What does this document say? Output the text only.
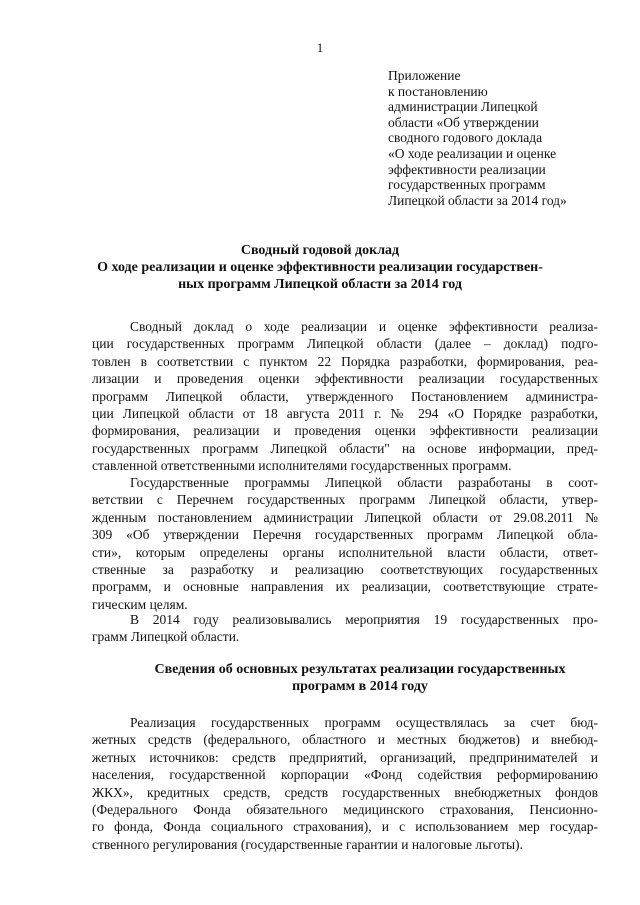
1
Приложение
к постановлению
администрации Липецкой
области «Об утверждении
сводного годового доклада
«О ходе реализации и оценке
эффективности реализации
государственных программ
Липецкой области за 2014 год»
Сводный годовой доклад
О ходе реализации и оценке эффективности реализации государствен-
ных программ Липецкой области за 2014 год
Сводный доклад о ходе реализации и оценке эффективности реализа-
ции государственных программ Липецкой области (далее – доклад) подго-
товлен в соответствии с пунктом 22 Порядка разработки, формирования, реа-
лизации и проведения оценки эффективности реализации государственных
программ Липецкой области, утвержденного Постановлением администра-
ции Липецкой области от 18 августа 2011 г. № 294 «О Порядке разработки,
формирования, реализации и проведения оценки эффективности реализации
государственных программ Липецкой области" на основе информации, пред-
ставленной ответственными исполнителями государственных программ.
Государственные программы Липецкой области разработаны в соот-
ветствии с Перечнем государственных программ Липецкой области, утвер-
жденным постановлением администрации Липецкой области от 29.08.2011 №
309 «Об утверждении Перечня государственных программ Липецкой обла-
сти», которым определены органы исполнительной власти области, ответ-
ственные за разработку и реализацию соответствующих государственных
программ, и основные направления их реализации, соответствующие страте-
гическим целям.
В 2014 году реализовывались мероприятия 19 государственных про-
грамм Липецкой области.
Сведения об основных результатах реализации государственных
программ в 2014 году
Реализация государственных программ осуществлялась за счет бюд-
жетных средств (федерального, областного и местных бюджетов) и внебюд-
жетных источников: средств предприятий, организаций, предпринимателей и
населения, государственной корпорации «Фонд содействия реформированию
ЖКХ», кредитных средств, средств государственных внебюджетных фондов
(Федерального Фонда обязательного медицинского страхования, Пенсионно-
го фонда, Фонда социального страхования), и с использованием мер государ-
ственного регулирования (государственные гарантии и налоговые льготы).
